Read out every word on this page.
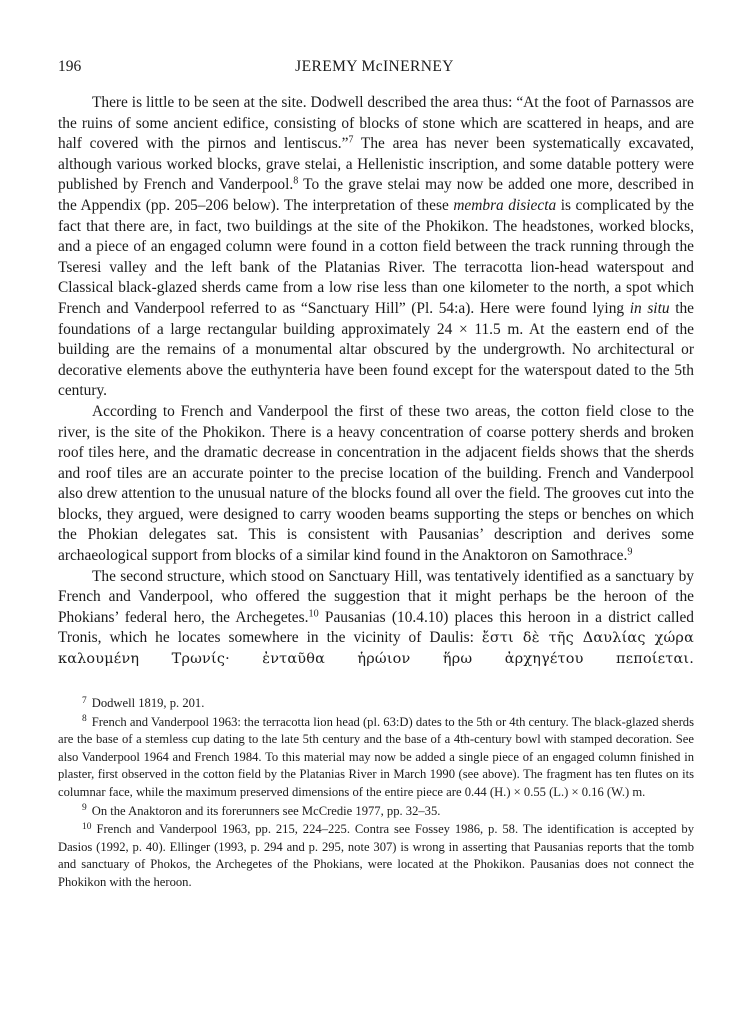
196	JEREMY McINERNEY

There is little to be seen at the site. Dodwell described the area thus: “At the foot of Parnassos are the ruins of some ancient edifice, consisting of blocks of stone which are scattered in heaps, and are half covered with the pirnos and lentiscus.”$^7$ The area has never been systematically excavated, although various worked blocks, grave stelai, a Hellenistic inscription, and some datable pottery were published by French and Vanderpool.$^8$ To the grave stelai may now be added one more, described in the Appendix (pp. 205–206 below). The interpretation of these membra disiecta is complicated by the fact that there are, in fact, two buildings at the site of the Phokikon. The headstones, worked blocks, and a piece of an engaged column were found in a cotton field between the track running through the Tseresi valley and the left bank of the Platanias River. The terracotta lion-head waterspout and Classical black-glazed sherds came from a low rise less than one kilometer to the north, a spot which French and Vanderpool referred to as “Sanctuary Hill” (Pl. 54:a). Here were found lying in situ the foundations of a large rectangular building approximately 24 × 11.5 m. At the eastern end of the building are the remains of a monumental altar obscured by the undergrowth. No architectural or decorative elements above the euthynteria have been found except for the waterspout dated to the 5th century.

According to French and Vanderpool the first of these two areas, the cotton field close to the river, is the site of the Phokikon. There is a heavy concentration of coarse pottery sherds and broken roof tiles here, and the dramatic decrease in concentration in the adjacent fields shows that the sherds and roof tiles are an accurate pointer to the precise location of the building. French and Vanderpool also drew attention to the unusual nature of the blocks found all over the field. The grooves cut into the blocks, they argued, were designed to carry wooden beams supporting the steps or benches on which the Phokian delegates sat. This is consistent with Pausanias’ description and derives some archaeological support from blocks of a similar kind found in the Anaktoron on Samothrace.$^9$

The second structure, which stood on Sanctuary Hill, was tentatively identified as a sanctuary by French and Vanderpool, who offered the suggestion that it might perhaps be the heroon of the Phokians’ federal hero, the Archegetes.$^{10}$ Pausanias (10.4.10) places this heroon in a district called Tronis, which he locates somewhere in the vicinity of Daulis: ἔστι δὲ τῆς Δαυλίας χώρα καλουμένη Τρωνίς· ἐνταῦθα ἡρώιον ἥρω ἀρχηγέτου πεποίεται.

$^7$ Dodwell 1819, p. 201.

$^8$ French and Vanderpool 1963: the terracotta lion head (pl. 63:D) dates to the 5th or 4th century. The black-glazed sherds are the base of a stemless cup dating to the late 5th century and the base of a 4th-century bowl with stamped decoration. See also Vanderpool 1964 and French 1984. To this material may now be added a single piece of an engaged column finished in plaster, first observed in the cotton field by the Platanias River in March 1990 (see above). The fragment has ten flutes on its columnar face, while the maximum preserved dimensions of the entire piece are 0.44 (H.) × 0.55 (L.) × 0.16 (W.) m.

$^9$ On the Anaktoron and its forerunners see McCredie 1977, pp. 32–35.

$^{10}$ French and Vanderpool 1963, pp. 215, 224–225. Contra see Fossey 1986, p. 58. The identification is accepted by Dasios (1992, p. 40). Ellinger (1993, p. 294 and p. 295, note 307) is wrong in asserting that Pausanias reports that the tomb and sanctuary of Phokos, the Archegetes of the Phokians, were located at the Phokikon. Pausanias does not connect the Phokikon with the heroon.
